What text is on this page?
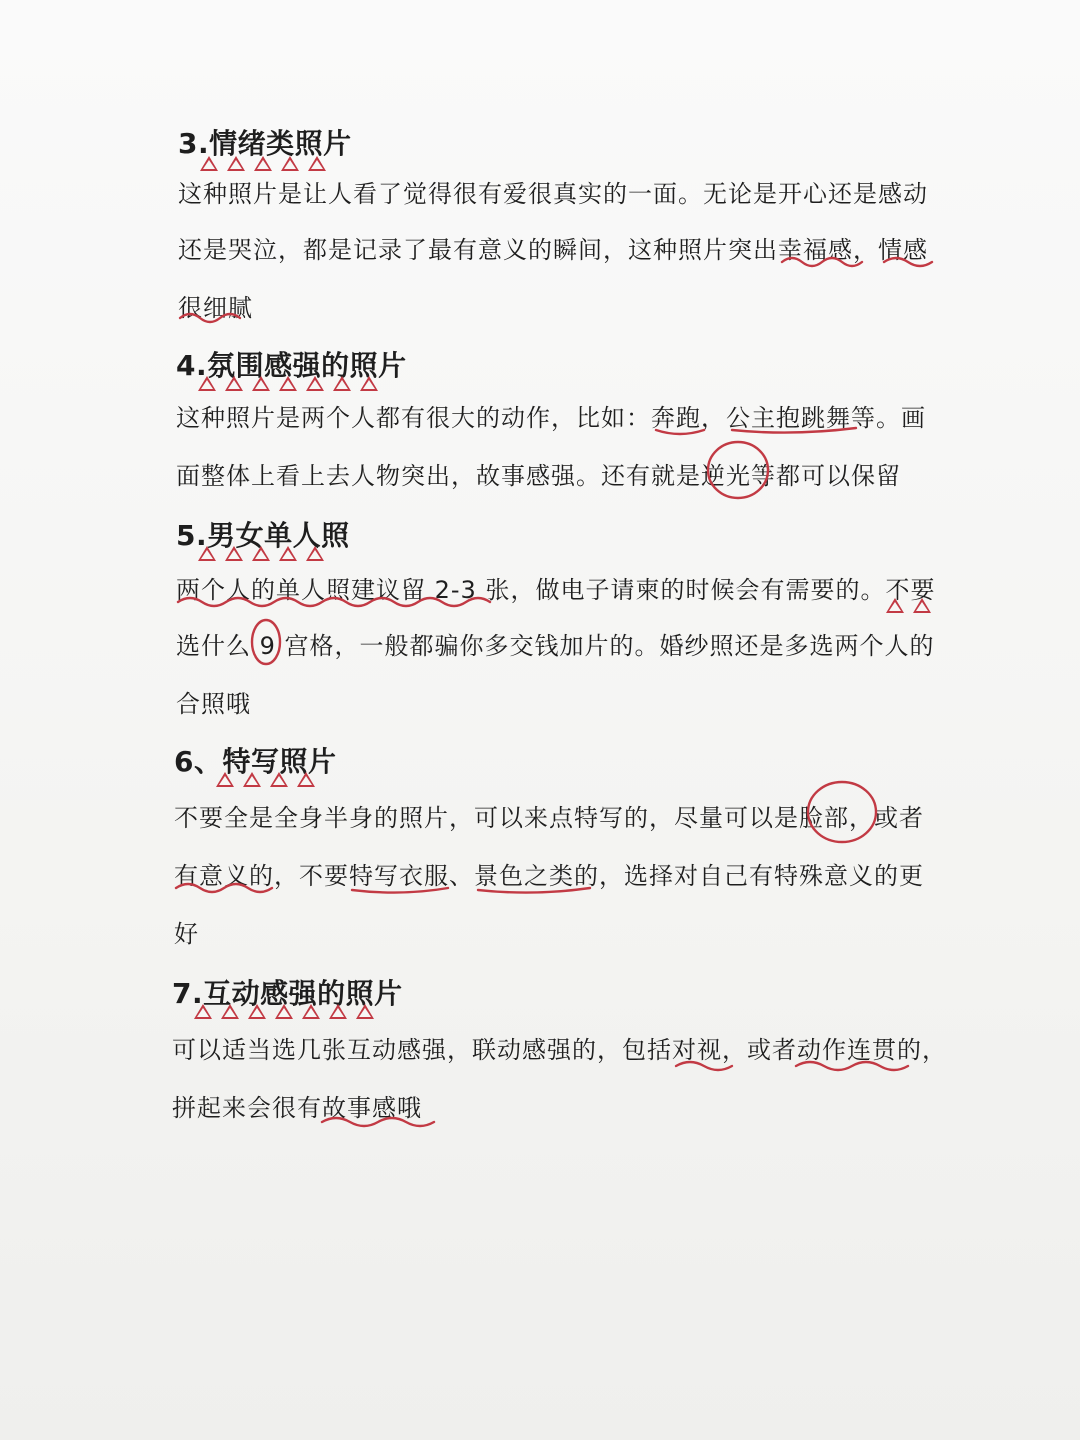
3.情绪类照片
这种照片是让人看了觉得很有爱很真实的一面。无论是开心还是感动
还是哭泣，都是记录了最有意义的瞬间，这种照片突出幸福感，情感
很细腻
4.氛围感强的照片
这种照片是两个人都有很大的动作，比如：奔跑，公主抱跳舞等。画
面整体上看上去人物突出，故事感强。还有就是逆光等都可以保留
5.男女单人照
两个人的单人照建议留 2-3 张，做电子请柬的时候会有需要的。不要
选什么 9 宫格，一般都骗你多交钱加片的。婚纱照还是多选两个人的
合照哦
6、特写照片
不要全是全身半身的照片，可以来点特写的，尽量可以是脸部，或者
有意义的，不要特写衣服、景色之类的，选择对自己有特殊意义的更
好
7.互动感强的照片
可以适当选几张互动感强，联动感强的，包括对视，或者动作连贯的，
拼起来会很有故事感哦
